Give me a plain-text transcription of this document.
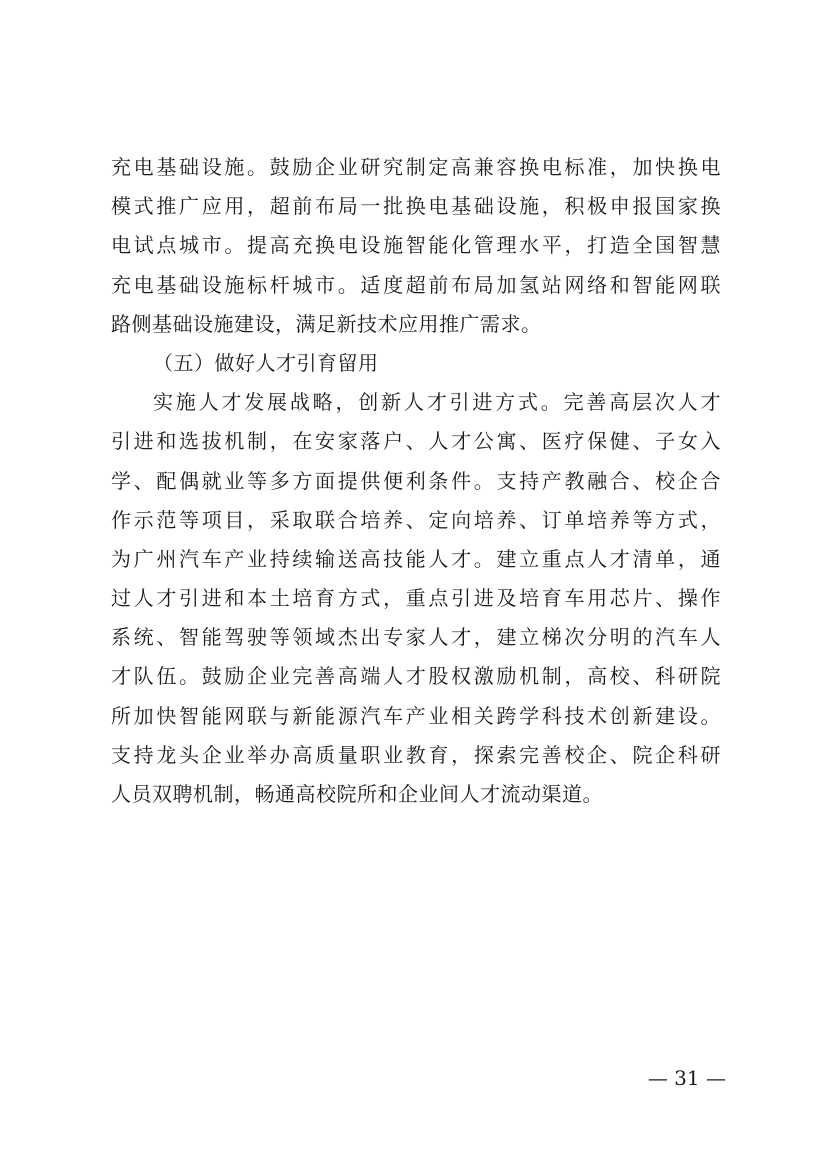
充电基础设施。鼓励企业研究制定高兼容换电标准，加快换电
模式推广应用，超前布局一批换电基础设施，积极申报国家换
电试点城市。提高充换电设施智能化管理水平，打造全国智慧
充电基础设施标杆城市。适度超前布局加氢站网络和智能网联
路侧基础设施建设，满足新技术应用推广需求。
（五）做好人才引育留用
实施人才发展战略，创新人才引进方式。完善高层次人才
引进和选拔机制，在安家落户、人才公寓、医疗保健、子女入
学、配偶就业等多方面提供便利条件。支持产教融合、校企合
作示范等项目，采取联合培养、定向培养、订单培养等方式，
为广州汽车产业持续输送高技能人才。建立重点人才清单，通
过人才引进和本土培育方式，重点引进及培育车用芯片、操作
系统、智能驾驶等领域杰出专家人才，建立梯次分明的汽车人
才队伍。鼓励企业完善高端人才股权激励机制，高校、科研院
所加快智能网联与新能源汽车产业相关跨学科技术创新建设。
支持龙头企业举办高质量职业教育，探索完善校企、院企科研
人员双聘机制，畅通高校院所和企业间人才流动渠道。
— 31 —
